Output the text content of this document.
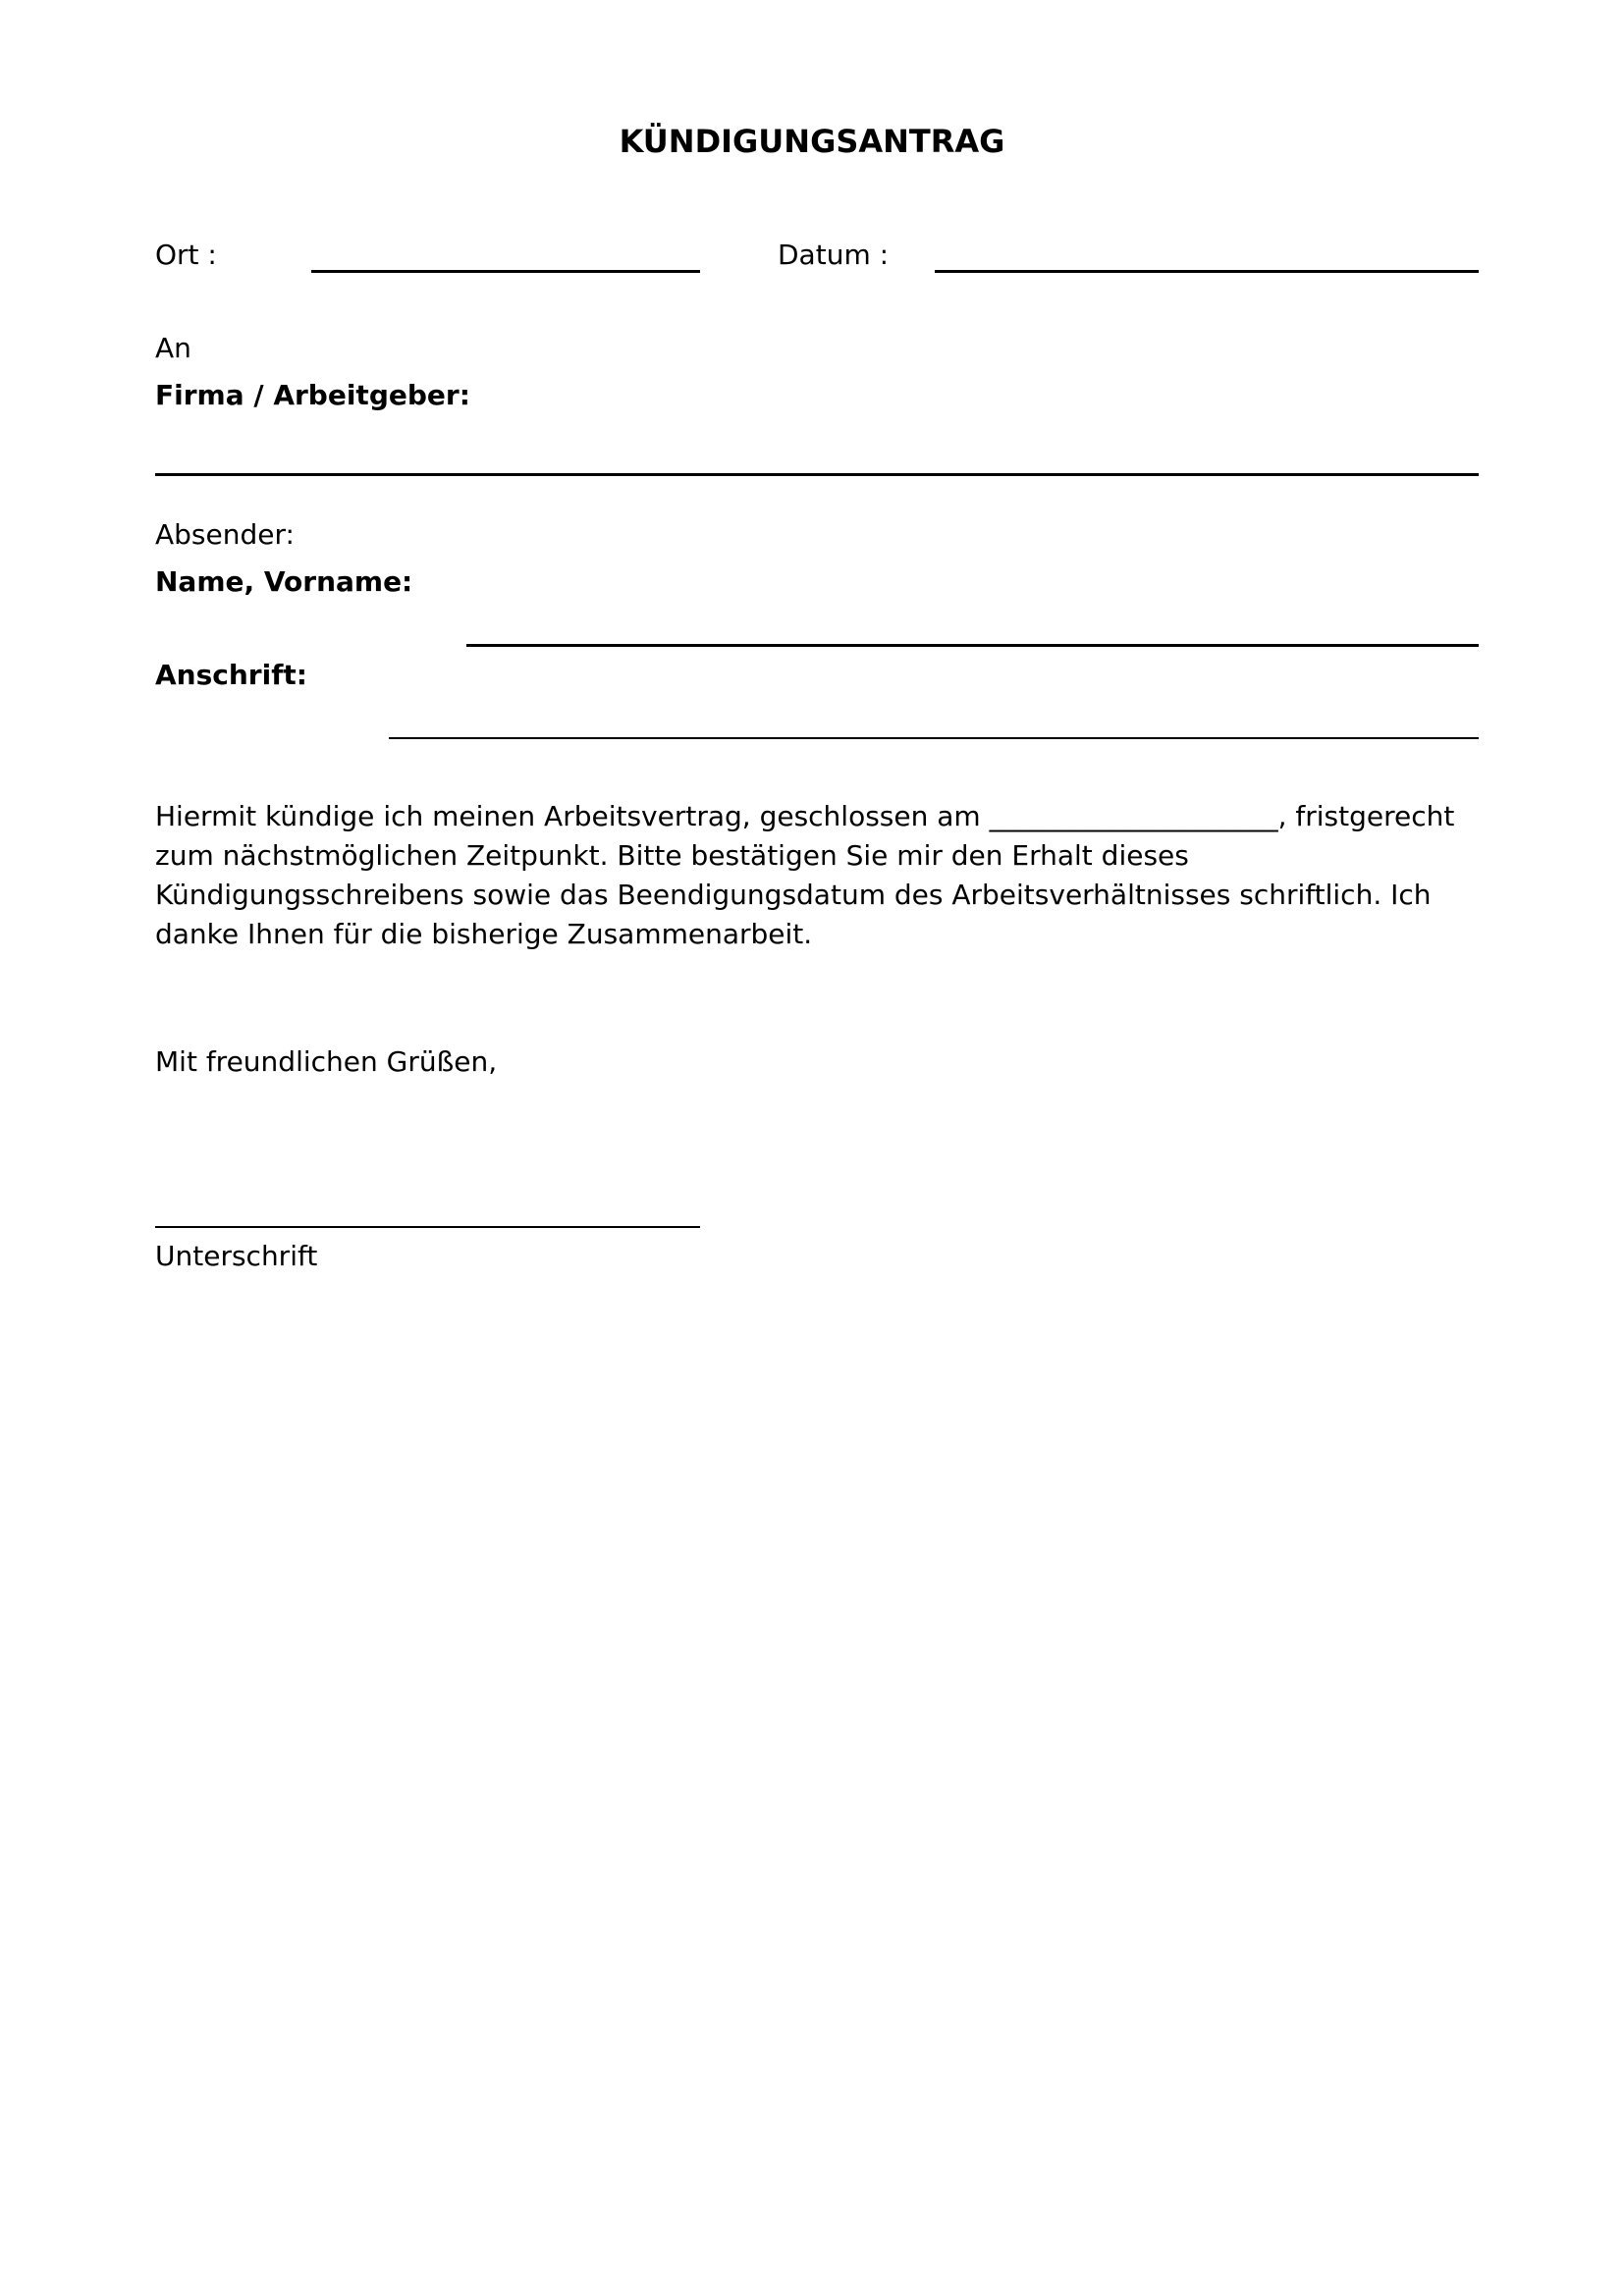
KÜNDIGUNGSANTRAG
Ort :	Datum :
An
Firma / Arbeitgeber:
Absender:
Name, Vorname:
Anschrift:
Hiermit kündige ich meinen Arbeitsvertrag, geschlossen am _____________________, fristgerecht
zum nächstmöglichen Zeitpunkt. Bitte bestätigen Sie mir den Erhalt dieses
Kündigungsschreibens sowie das Beendigungsdatum des Arbeitsverhältnisses schriftlich. Ich
danke Ihnen für die bisherige Zusammenarbeit.
Mit freundlichen Grüßen,
Unterschrift
